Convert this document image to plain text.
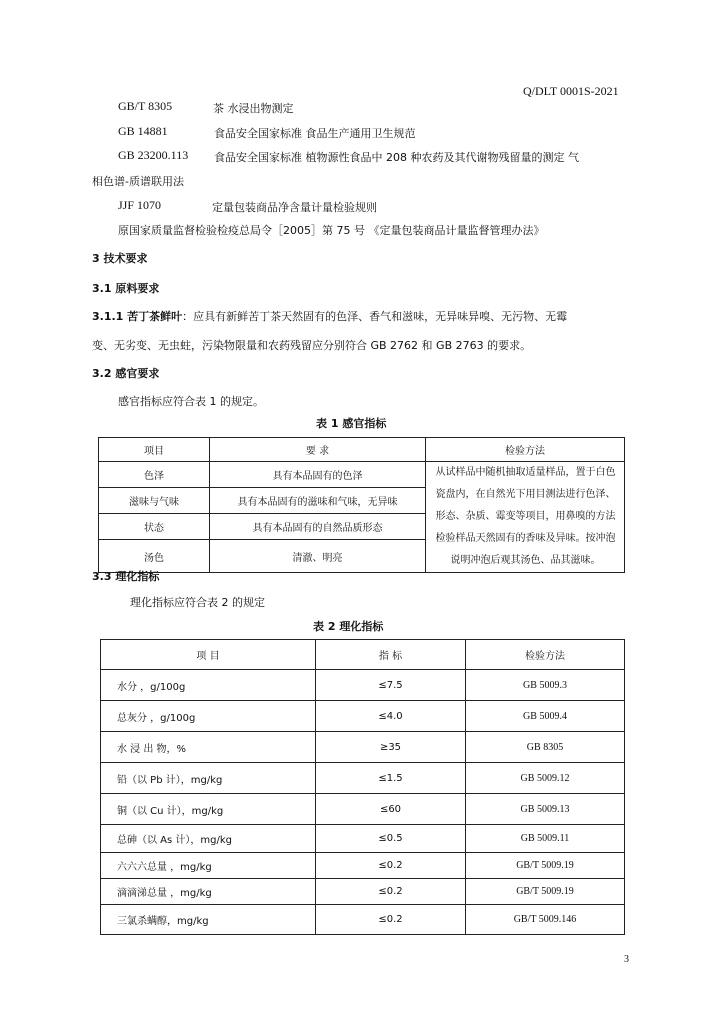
Q/DLT 0001S-2021
GB/T 8305	茶 水浸出物测定
GB 14881	食品安全国家标准 食品生产通用卫生规范
GB 23200.113 食品安全国家标准 植物源性食品中 208 种农药及其代谢物残留量的测定 气
相色谱-质谱联用法
JJF 1070	定量包装商品净含量计量检验规则
原国家质量监督检验检疫总局令［2005］第 75 号 《定量包装商品计量监督管理办法》
3 技术要求
3.1 原料要求
3.1.1 苦丁茶鲜叶：应具有新鲜苦丁茶天然固有的色泽、香气和滋味，无异味异嗅、无污物、无霉
变、无劣变、无虫蛀，污染物限量和农药残留应分别符合 GB 2762 和 GB 2763 的要求。
3.2 感官要求
感官指标应符合表 1 的规定。
表 1 感官指标
项目	要 求	检验方法
色泽	具有本品固有的色泽	从试样品中随机抽取适量样品，置于白色瓷盘内，在自然光下用目测法进行色泽、形态、杂质、霉变等项目，用鼻嗅的方法检验样品天然固有的香味及异味。按冲泡说明冲泡后观其汤色、品其滋味。
滋味与气味	具有本品固有的滋味和气味，无异味	
状态	具有本品固有的自然品质形态	
汤色	清澈、明亮	
3.3 理化指标
理化指标应符合表 2 的规定
表 2 理化指标
项 目	指 标	检验方法
水分 ，g/100g	≤7.5	GB 5009.3
总灰分 ，g/100g	≤4.0	GB 5009.4
水 浸 出 物，%	≥35	GB 8305
铅（以 Pb 计），mg/kg	≤1.5	GB 5009.12
铜（以 Cu 计），mg/kg	≤60	GB 5009.13
总砷（以 As 计），mg/kg	≤0.5	GB 5009.11
六六六总量 ，mg/kg	≤0.2	GB/T 5009.19
滴滴涕总量 ，mg/kg	≤0.2	GB/T 5009.19
三氯杀螨醇，mg/kg	≤0.2	GB/T 5009.146
3
